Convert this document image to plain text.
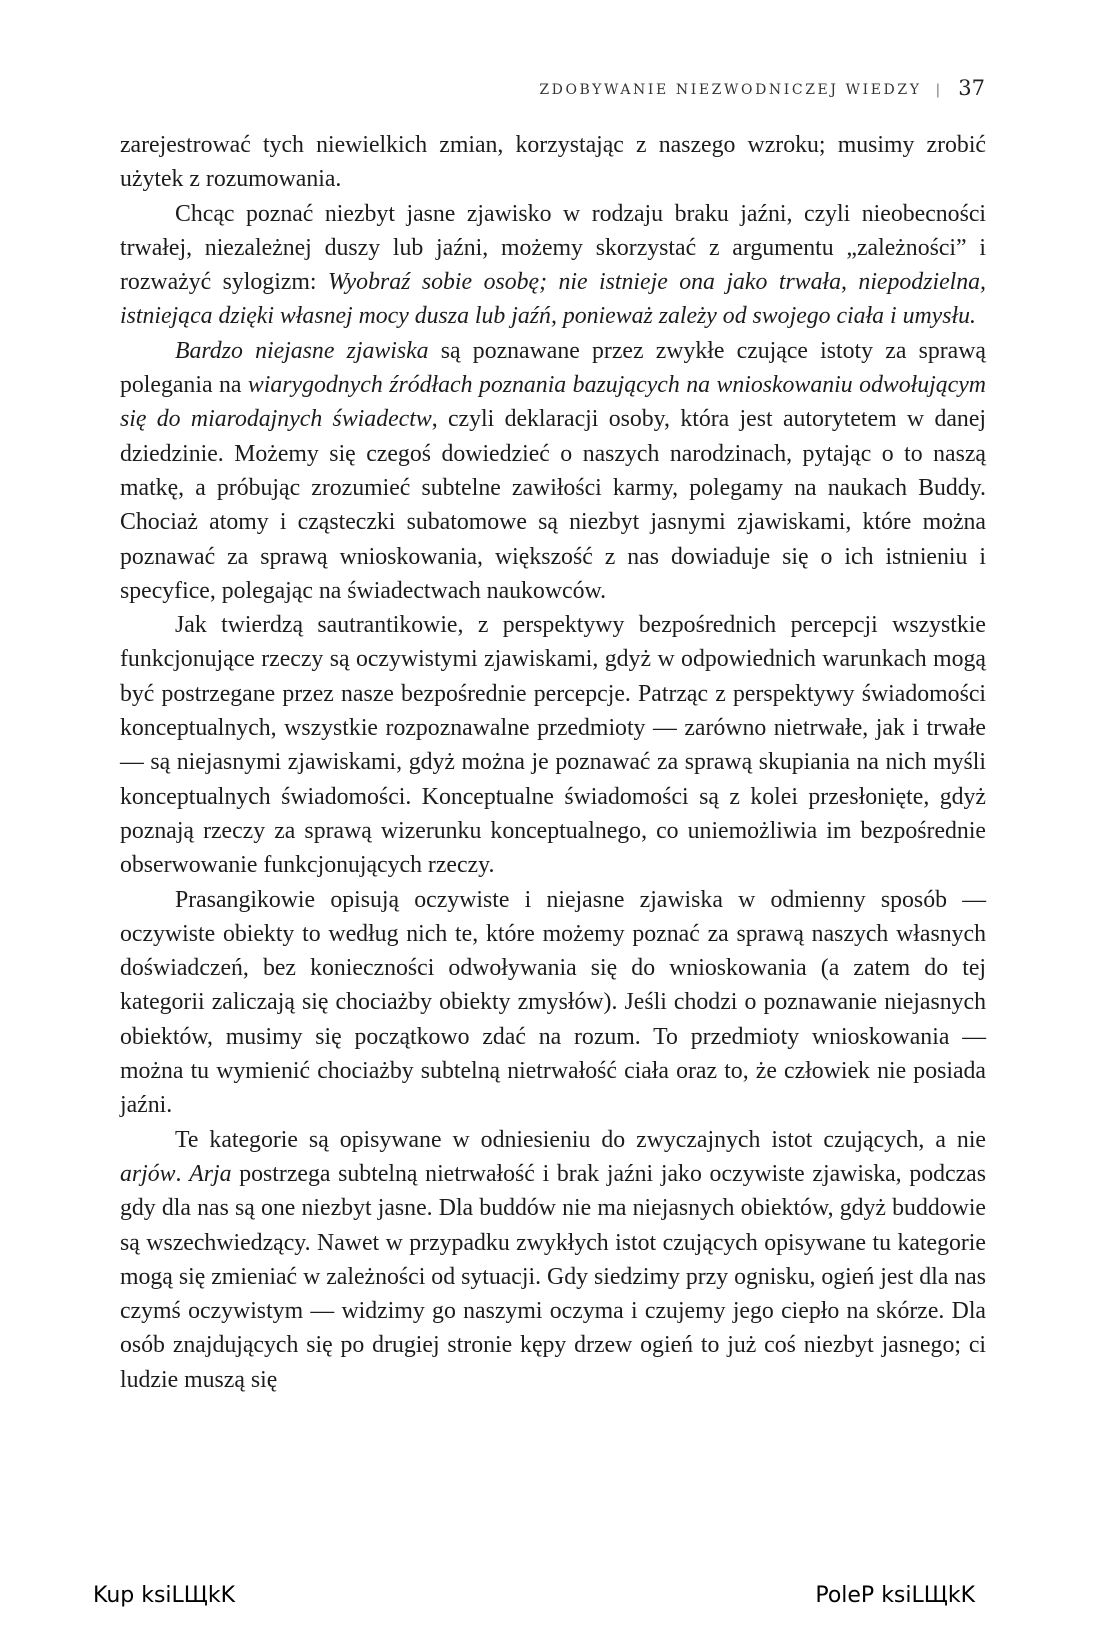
ZDOBYWANIE NIEZWODNICZEJ WIEDZY | 37

zarejestrować tych niewielkich zmian, korzystając z naszego wzroku; musimy zrobić użytek z rozumowania.

Chcąc poznać niezbyt jasne zjawisko w rodzaju braku jaźni, czyli nieobecności trwałej, niezależnej duszy lub jaźni, możemy skorzystać z argumentu „zależności” i rozważyć sylogizm: Wyobraź sobie osobę; nie istnieje ona jako trwała, niepodzielna, istniejąca dzięki własnej mocy dusza lub jaźń, ponieważ zależy od swojego ciała i umysłu.

Bardzo niejasne zjawiska są poznawane przez zwykłe czujące istoty za sprawą polegania na wiarygodnych źródłach poznania bazujących na wnioskowaniu odwołującym się do miarodajnych świadectw, czyli deklaracji osoby, która jest autorytetem w danej dziedzinie. Możemy się czegoś dowiedzieć o naszych narodzinach, pytając o to naszą matkę, a próbując zrozumieć subtelne zawiłości karmy, polegamy na naukach Buddy. Chociaż atomy i cząsteczki subatomowe są niezbyt jasnymi zjawiskami, które można poznawać za sprawą wnioskowania, większość z nas dowiaduje się o ich istnieniu i specyfice, polegając na świadectwach naukowców.

Jak twierdzą sautrantikowie, z perspektywy bezpośrednich percepcji wszystkie funkcjonujące rzeczy są oczywistymi zjawiskami, gdyż w odpowiednich warunkach mogą być postrzegane przez nasze bezpośrednie percepcje. Patrząc z perspektywy świadomości konceptualnych, wszystkie rozpoznawalne przedmioty — zarówno nietrwałe, jak i trwałe — są niejasnymi zjawiskami, gdyż można je poznawać za sprawą skupiania na nich myśli konceptualnych świadomości. Konceptualne świadomości są z kolei przesłonięte, gdyż poznają rzeczy za sprawą wizerunku konceptualnego, co uniemożliwia im bezpośrednie obserwowanie funkcjonujących rzeczy.

Prasangikowie opisują oczywiste i niejasne zjawiska w odmienny sposób — oczywiste obiekty to według nich te, które możemy poznać za sprawą naszych własnych doświadczeń, bez konieczności odwoływania się do wnioskowania (a zatem do tej kategorii zaliczają się chociażby obiekty zmysłów). Jeśli chodzi o poznawanie niejasnych obiektów, musimy się początkowo zdać na rozum. To przedmioty wnioskowania — można tu wymienić chociażby subtelną nietrwałość ciała oraz to, że człowiek nie posiada jaźni.

Te kategorie są opisywane w odniesieniu do zwyczajnych istot czujących, a nie arjów. Arja postrzega subtelną nietrwałość i brak jaźni jako oczywiste zjawiska, podczas gdy dla nas są one niezbyt jasne. Dla buddów nie ma niejasnych obiektów, gdyż buddowie są wszechwiedzący. Nawet w przypadku zwykłych istot czujących opisywane tu kategorie mogą się zmieniać w zależności od sytuacji. Gdy siedzimy przy ognisku, ogień jest dla nas czymś oczywistym — widzimy go naszymi oczyma i czujemy jego ciepło na skórze. Dla osób znajdujących się po drugiej stronie kępy drzew ogień to już coś niezbyt jasnego; ci ludzie muszą się

Kup ksiLЩkK	PoleP ksiLЩkK
